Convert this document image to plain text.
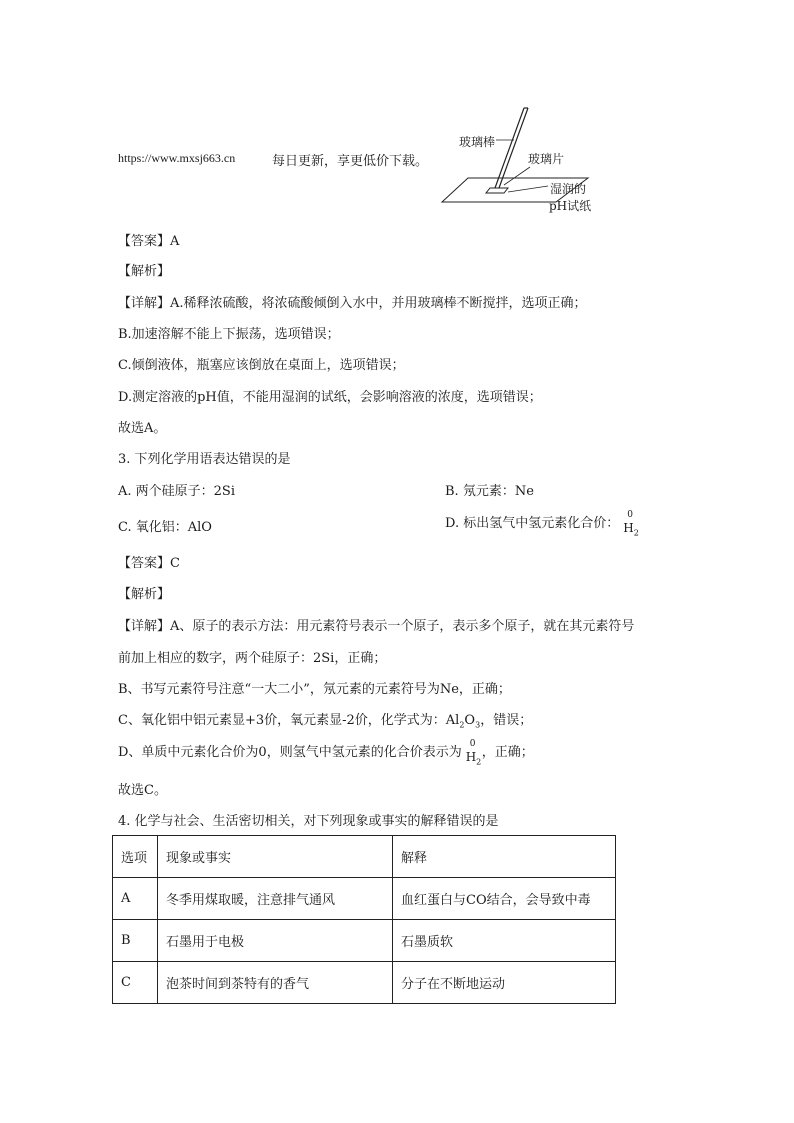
https://www.mxsj663.cn	每日更新，享更低价下载。
玻璃棒
玻璃片
湿润的
pH试纸
【答案】A
【解析】
【详解】A.稀释浓硫酸，将浓硫酸倾倒入水中，并用玻璃棒不断搅拌，选项正确；
B.加速溶解不能上下振荡，选项错误；
C.倾倒液体，瓶塞应该倒放在桌面上，选项错误；
D.测定溶液的pH值，不能用湿润的试纸，会影响溶液的浓度，选项错误；
故选A。
3. 下列化学用语表达错误的是
A. 两个硅原子：2Si	B. 氖元素：Ne
C. 氧化铝：AlO	D. 标出氢气中氢元素化合价：
0
$H_2$
【答案】C
【解析】
【详解】A、原子的表示方法：用元素符号表示一个原子，表示多个原子，就在其元素符号
前加上相应的数字，两个硅原子：2Si，正确；
B、书写元素符号注意“一大二小”，氖元素的元素符号为Ne，正确；
C、氧化铝中铝元素显+3价，氧元素显-2价，化学式为：$Al_2O_3$，错误；
D、单质中元素化合价为0，则氢气中氢元素的化合价表示为
0
$H_2$
，正确；
故选C。
4. 化学与社会、生活密切相关，对下列现象或事实的解释错误的是
选项	现象或事实	解释
A	冬季用煤取暖，注意排气通风	血红蛋白与CO结合，会导致中毒
B	石墨用于电极	石墨质软
C	泡茶时间到茶特有的香气	分子在不断地运动
